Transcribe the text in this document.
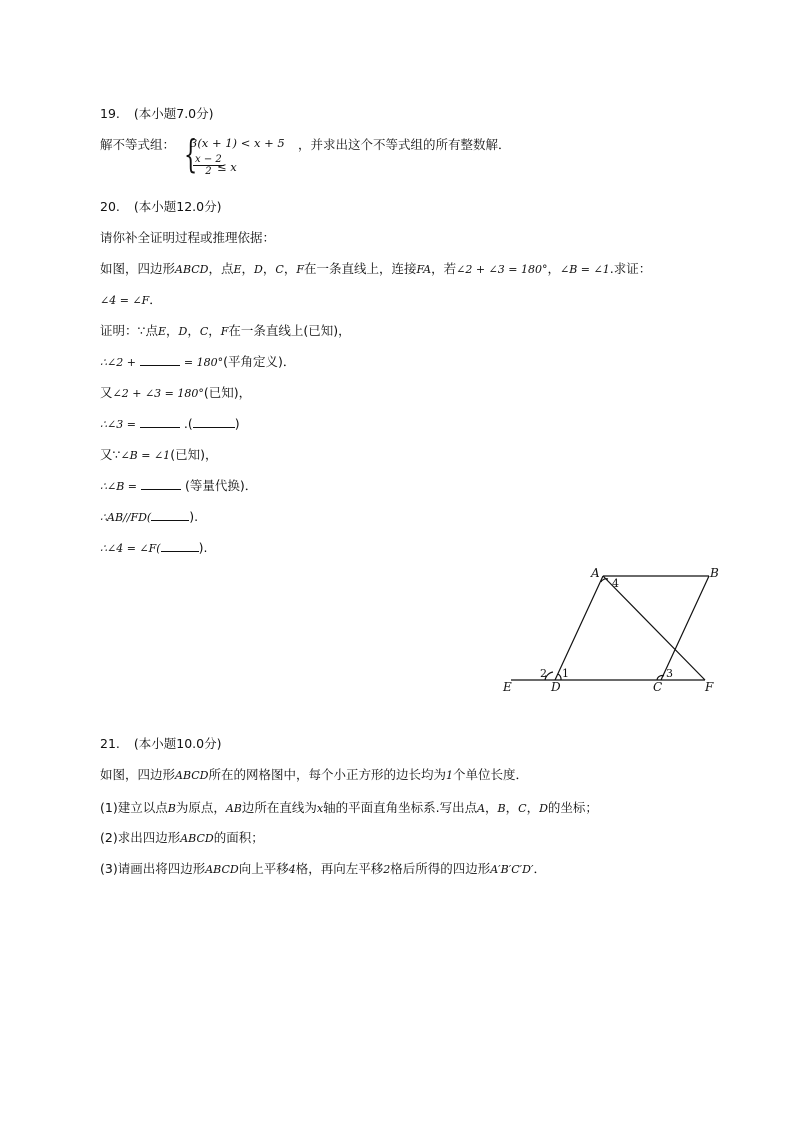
19. (本小题7.0分)
解不等式组： {
3(x + 1) < x + 5
$\frac{x - 2}{2}$
≤ x
，并求出这个不等式组的所有整数解．
20. (本小题12.0分)
请你补全证明过程或推理依据：
如图，四边形ABCD，点E，D，C，F在一条直线上，连接FA，若∠2 + ∠3 = 180°，∠B = ∠1.求证：
∠4 = ∠F．
证明：∵点E，D，C，F在一条直线上(已知)，
∴∠2 +	= 180°(平角定义)．
又∠2 + ∠3 = 180°(已知)，
∴∠3 =	.(	)
又∵∠B = ∠1(已知)，
∴∠B =	(等量代换)．
∴AB//FD(	).
∴∠4 = ∠F(	).
A	B
E	D	C	F
4
1
2	3
21. (本小题10.0分)
如图，四边形ABCD所在的网格图中，每个小正方形的边长均为1个单位长度．
(1)建立以点B为原点，AB边所在直线为x轴的平面直角坐标系.写出点A，B，C，D的坐标；
(2)求出四边形ABCD的面积；
(3)请画出将四边形ABCD向上平移4格，再向左平移2格后所得的四边形A′B′C′D′．
